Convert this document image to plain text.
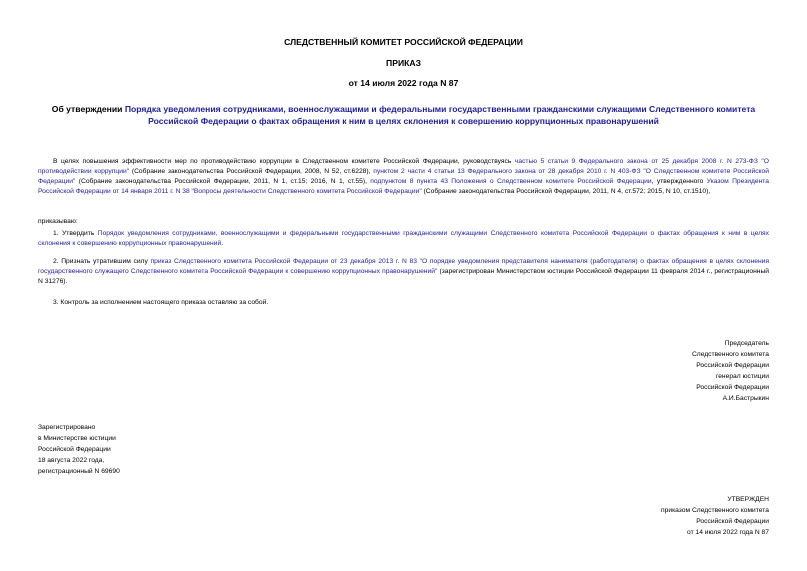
СЛЕДСТВЕННЫЙ КОМИТЕТ РОССИЙСКОЙ ФЕДЕРАЦИИ
ПРИКАЗ
от 14 июля 2022 года N 87
Об утверждении Порядка уведомления сотрудниками, военнослужащими и федеральными государственными гражданскими служащими Следственного комитета Российской Федерации о фактах обращения к ним в целях склонения к совершению коррупционных правонарушений
В целях повышения эффективности мер по противодействию коррупции в Следственном комитете Российской Федерации, руководствуясь частью 5 статьи 9 Федерального закона от 25 декабря 2008 г. N 273-ФЗ "О противодействии коррупции" (Собрание законодательства Российской Федерации, 2008, N 52, ст.6228), пунктом 2 части 4 статьи 13 Федерального закона от 28 декабря 2010 г. N 403-ФЗ "О Следственном комитете Российской Федерации" (Собрание законодательства Российской Федерации, 2011, N 1, ст.15; 2016, N 1, ст.55), подпунктом 8 пункта 43 Положения о Следственном комитете Российской Федерации, утвержденного Указом Президента Российской Федерации от 14 января 2011 г. N 38 "Вопросы деятельности Следственного комитета Российской Федерации" (Собрание законодательства Российской Федерации, 2011, N 4, ст.572; 2015, N 10, ст.1510),
приказываю:
1. Утвердить Порядок уведомления сотрудниками, военнослужащими и федеральными государственными гражданскими служащими Следственного комитета Российской Федерации о фактах обращения к ним в целях склонения к совершению коррупционных правонарушений.
2. Признать утратившим силу приказ Следственного комитета Российской Федерации от 23 декабря 2013 г. N 83 "О порядке уведомления представителя нанимателя (работодателя) о фактах обращения в целях склонения государственного служащего Следственного комитета Российской Федерации к совершению коррупционных правонарушений" (зарегистрирован Министерством юстиции Российской Федерации 11 февраля 2014 г., регистрационный N 31276).
3. Контроль за исполнением настоящего приказа оставляю за собой.
Председатель
Следственного комитета
Российской Федерации
генерал юстиции
Российской Федерации
А.И.Бастрыкин
Зарегистрировано
в Министерстве юстиции
Российской Федерации
18 августа 2022 года,
регистрационный N 69690
УТВЕРЖДЕН
приказом Следственного комитета
Российской Федерации
от 14 июля 2022 года N 87
